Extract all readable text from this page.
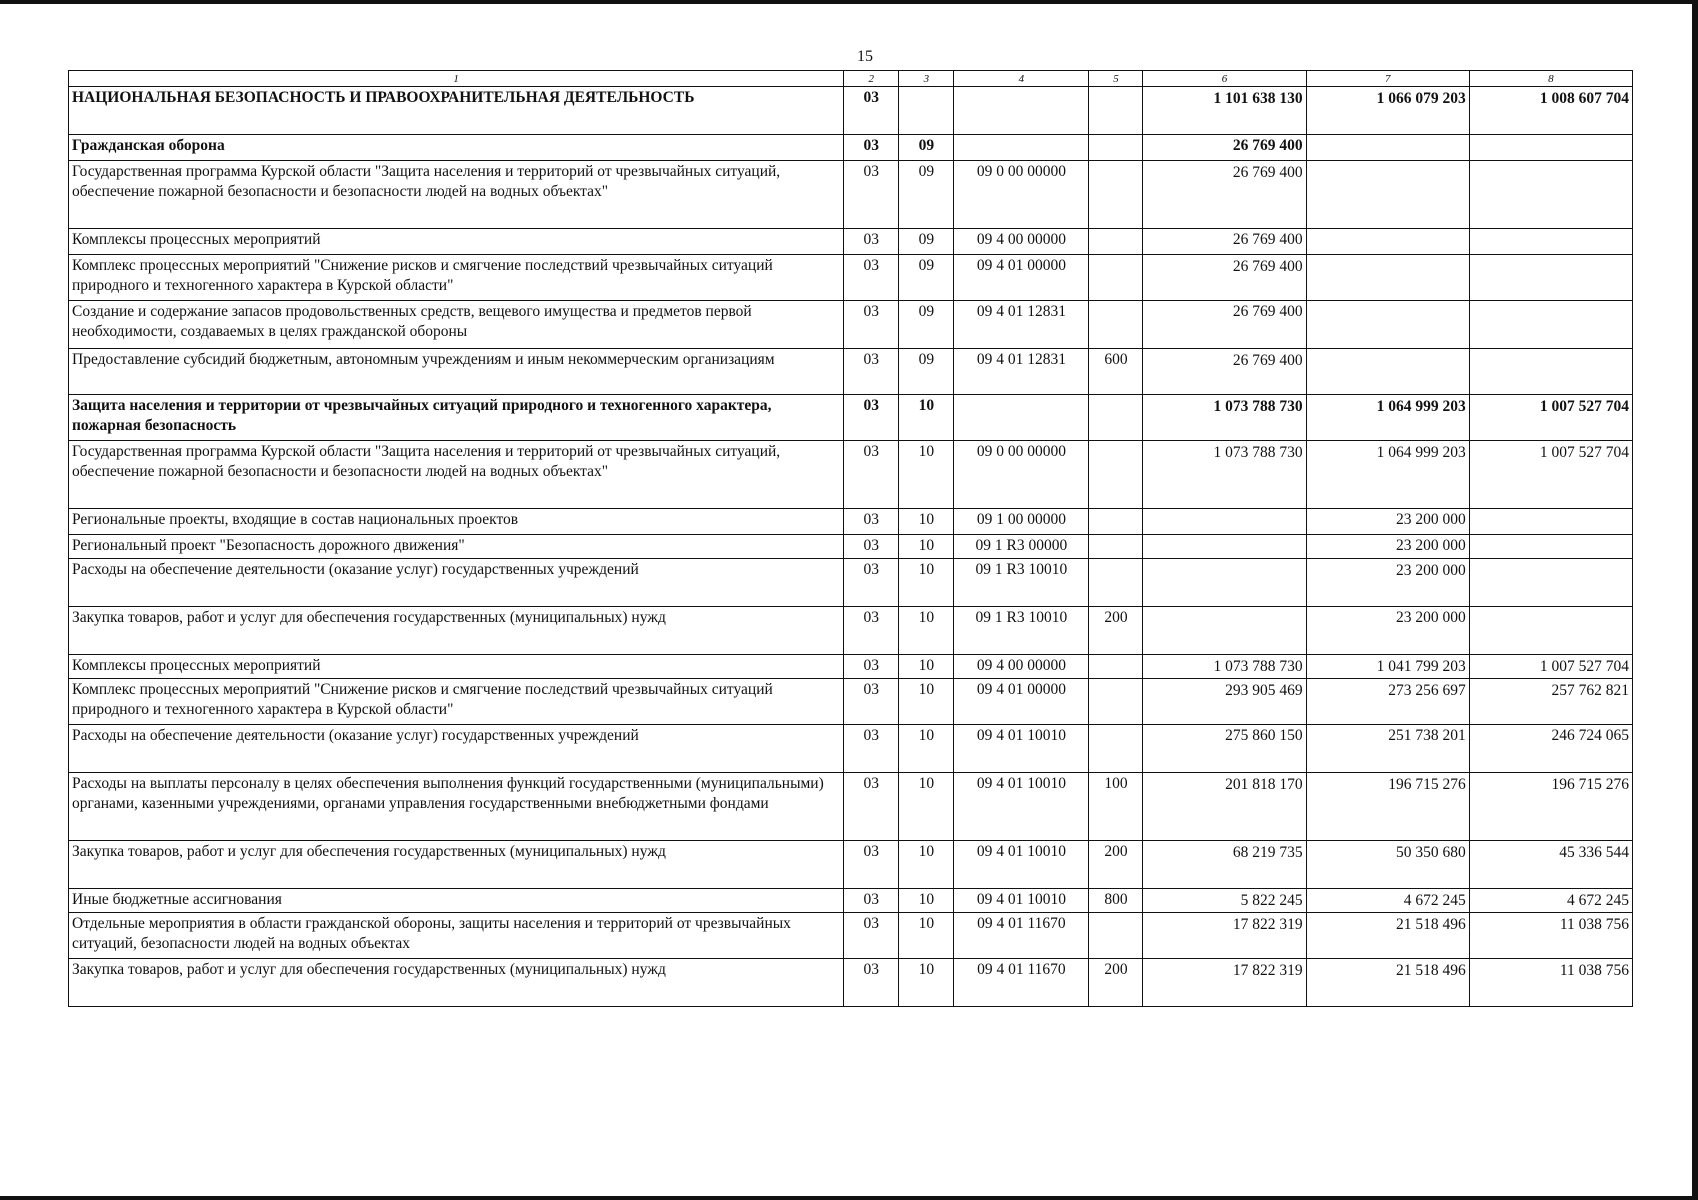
15
1	2	3	4	5	6	7	8
НАЦИОНАЛЬНАЯ БЕЗОПАСНОСТЬ И ПРАВООХРАНИТЕЛЬНАЯ ДЕЯТЕЛЬНОСТЬ	03				1 101 638 130	1 066 079 203	1 008 607 704
Гражданская оборона	03	09			26 769 400		
Государственная программа Курской области "Защита населения и территорий от чрезвычайных ситуаций, обеспечение пожарной безопасности и безопасности людей на водных объектах"	03	09	09 0 00 00000		26 769 400		
Комплексы процессных мероприятий	03	09	09 4 00 00000		26 769 400		
Комплекс процессных мероприятий "Снижение рисков и смягчение последствий чрезвычайных ситуаций природного и техногенного характера в Курской области"	03	09	09 4 01 00000		26 769 400		
Создание и содержание запасов продовольственных средств, вещевого имущества и предметов первой необходимости, создаваемых в целях гражданской обороны	03	09	09 4 01 12831		26 769 400		
Предоставление субсидий бюджетным, автономным учреждениям и иным некоммерческим организациям	03	09	09 4 01 12831	600	26 769 400		
Защита населения и территории от чрезвычайных ситуаций природного и техногенного характера, пожарная безопасность	03	10			1 073 788 730	1 064 999 203	1 007 527 704
Государственная программа Курской области "Защита населения и территорий от чрезвычайных ситуаций, обеспечение пожарной безопасности и безопасности людей на водных объектах"	03	10	09 0 00 00000		1 073 788 730	1 064 999 203	1 007 527 704
Региональные проекты, входящие в состав национальных проектов	03	10	09 1 00 00000			23 200 000	
Региональный проект "Безопасность дорожного движения"	03	10	09 1 R3 00000			23 200 000	
Расходы на обеспечение деятельности (оказание услуг) государственных учреждений	03	10	09 1 R3 10010			23 200 000	
Закупка товаров, работ и услуг для обеспечения государственных (муниципальных) нужд	03	10	09 1 R3 10010	200		23 200 000	
Комплексы процессных мероприятий	03	10	09 4 00 00000		1 073 788 730	1 041 799 203	1 007 527 704
Комплекс процессных мероприятий "Снижение рисков и смягчение последствий чрезвычайных ситуаций природного и техногенного характера в Курской области"	03	10	09 4 01 00000		293 905 469	273 256 697	257 762 821
Расходы на обеспечение деятельности (оказание услуг) государственных учреждений	03	10	09 4 01 10010		275 860 150	251 738 201	246 724 065
Расходы на выплаты персоналу в целях обеспечения выполнения функций государственными (муниципальными) органами, казенными учреждениями, органами управления государственными внебюджетными фондами	03	10	09 4 01 10010	100	201 818 170	196 715 276	196 715 276
Закупка товаров, работ и услуг для обеспечения государственных (муниципальных) нужд	03	10	09 4 01 10010	200	68 219 735	50 350 680	45 336 544
Иные бюджетные ассигнования	03	10	09 4 01 10010	800	5 822 245	4 672 245	4 672 245
Отдельные мероприятия в области гражданской обороны, защиты населения и территорий от чрезвычайных ситуаций, безопасности людей на водных объектах	03	10	09 4 01 11670		17 822 319	21 518 496	11 038 756
Закупка товаров, работ и услуг для обеспечения государственных (муниципальных) нужд	03	10	09 4 01 11670	200	17 822 319	21 518 496	11 038 756
